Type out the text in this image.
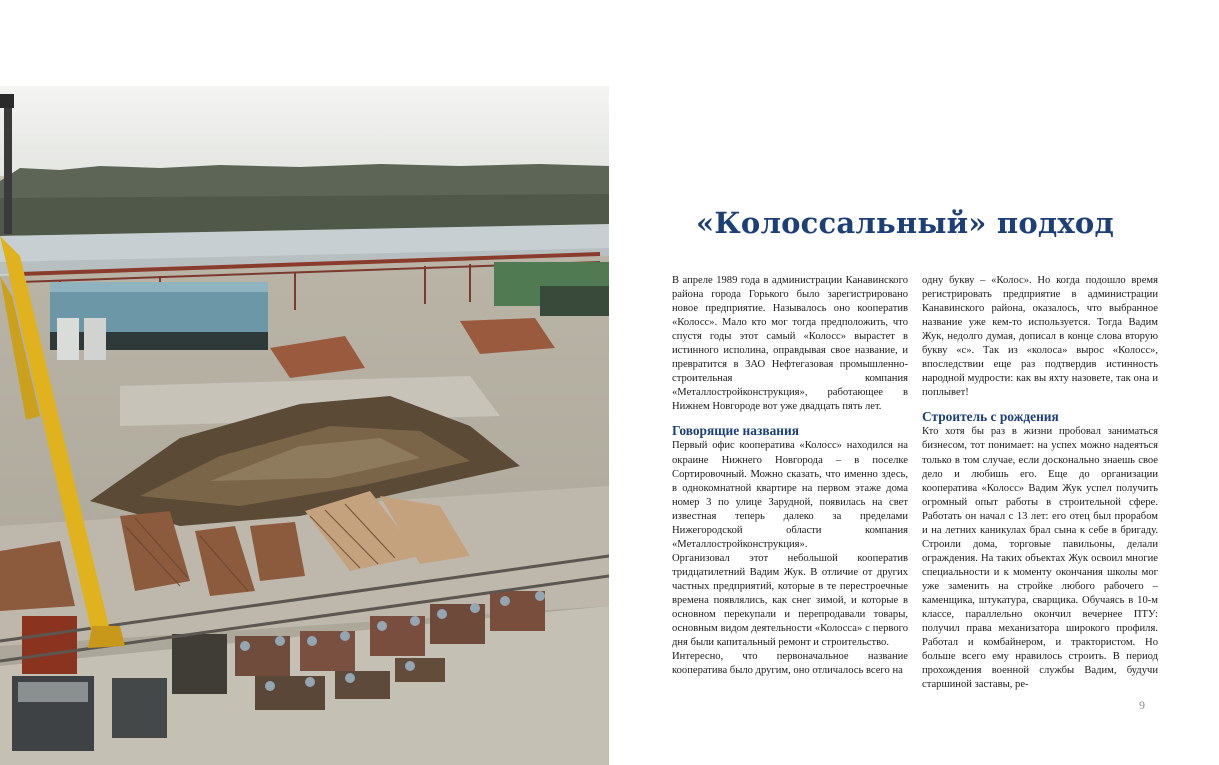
«Колоссальный» подход

В апреле 1989 года в администрации Канавинского района города Горького было зарегистрировано новое предприятие. Называлось оно кооператив «Колосс». Мало кто мог тогда предположить, что спустя годы этот самый «Колосс» вырастет в истинного исполина, оправдывая свое название, и превратится в ЗАО Нефтегазовая промышленно-строительная компания «Металлостройконструкция», работающее в Нижнем Новгороде вот уже двадцать пять лет.

Говорящие названия

Первый офис кооператива «Колосс» находился на окраине Нижнего Новгорода – в поселке Сортировочный. Можно сказать, что именно здесь, в однокомнатной квартире на первом этаже дома номер 3 по улице Зарудной, появилась на свет известная теперь далеко за пределами Нижегородской области компания «Металлостройконструкция».

Организовал этот небольшой кооператив тридцатилетний Вадим Жук. В отличие от других частных предприятий, которые в те перестроечные времена появлялись, как снег зимой, и которые в основном перекупали и перепродавали товары, основным видом деятельности «Колосса» с первого дня были капитальный ремонт и строительство.

Интересно, что первоначальное название кооператива было другим, оно отличалось всего на

одну букву – «Колос». Но когда подошло время регистрировать предприятие в администрации Канавинского района, оказалось, что выбранное название уже кем-то используется. Тогда Вадим Жук, недолго думая, дописал в конце слова вторую букву «с». Так из «колоса» вырос «Колосс», впоследствии еще раз подтвердив истинность народной мудрости: как вы яхту назовете, так она и поплывет!

Строитель с рождения

Кто хотя бы раз в жизни пробовал заниматься бизнесом, тот понимает: на успех можно надеяться только в том случае, если досконально знаешь свое дело и любишь его. Еще до организации кооператива «Колосс» Вадим Жук успел получить огромный опыт работы в строительной сфере. Работать он начал с 13 лет: его отец был прорабом и на летних каникулах брал сына к себе в бригаду. Строили дома, торговые павильоны, делали ограждения. На таких объектах Жук освоил многие специальности и к моменту окончания школы мог уже заменить на стройке любого рабочего – каменщика, штукатура, сварщика. Обучаясь в 10-м классе, параллельно окончил вечернее ПТУ: получил права механизатора широкого профиля. Работал и комбайнером, и трактористом. Но больше всего ему нравилось строить. В период прохождения военной службы Вадим, будучи старшиной заставы, ре-

9
